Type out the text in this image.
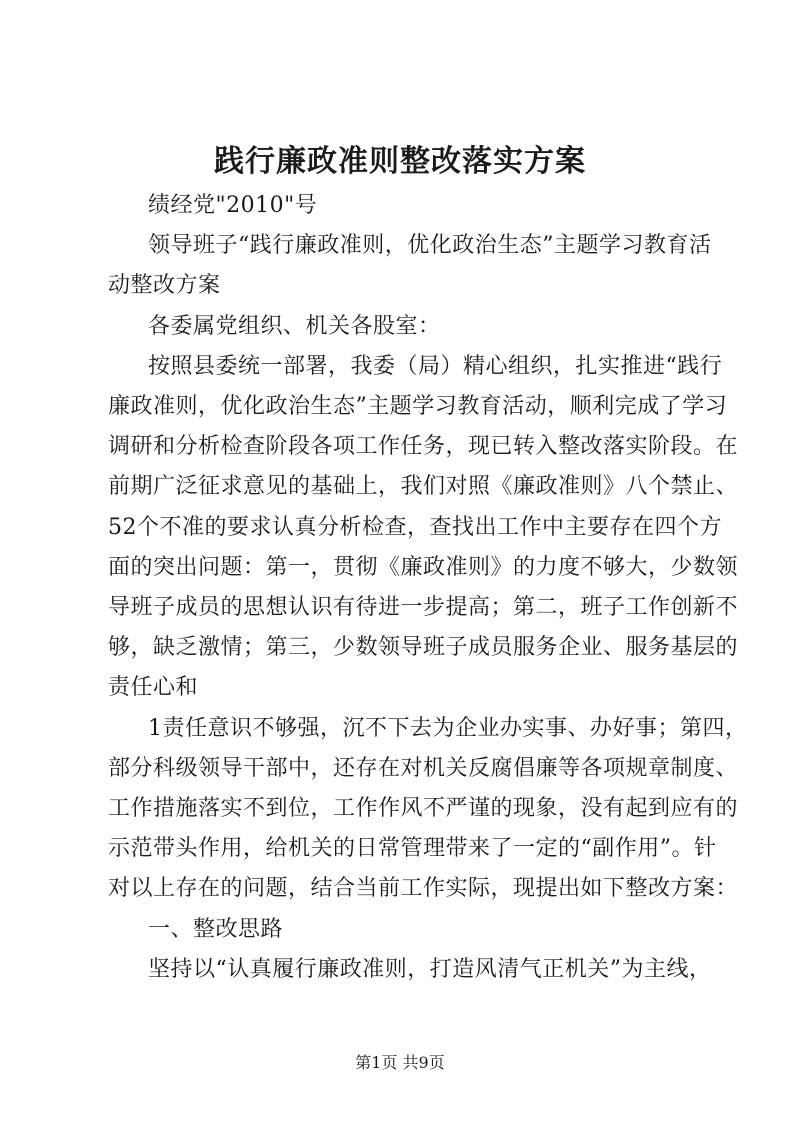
践行廉政准则整改落实方案
绩经党"2010"号
领导班子“践行廉政准则，优化政治生态”主题学习教育活
动整改方案
各委属党组织、机关各股室：
按照县委统一部署，我委（局）精心组织，扎实推进“践行
廉政准则，优化政治生态”主题学习教育活动，顺利完成了学习
调研和分析检查阶段各项工作任务，现已转入整改落实阶段。在
前期广泛征求意见的基础上，我们对照《廉政准则》八个禁止、
52个不准的要求认真分析检查，查找出工作中主要存在四个方
面的突出问题：第一，贯彻《廉政准则》的力度不够大，少数领
导班子成员的思想认识有待进一步提高；第二，班子工作创新不
够，缺乏激情；第三，少数领导班子成员服务企业、服务基层的
责任心和
1责任意识不够强，沉不下去为企业办实事、办好事；第四，
部分科级领导干部中，还存在对机关反腐倡廉等各项规章制度、
工作措施落实不到位，工作作风不严谨的现象，没有起到应有的
示范带头作用，给机关的日常管理带来了一定的“副作用”。针
对以上存在的问题，结合当前工作实际，现提出如下整改方案：
一、整改思路
坚持以“认真履行廉政准则，打造风清气正机关”为主线，
第1页 共9页
